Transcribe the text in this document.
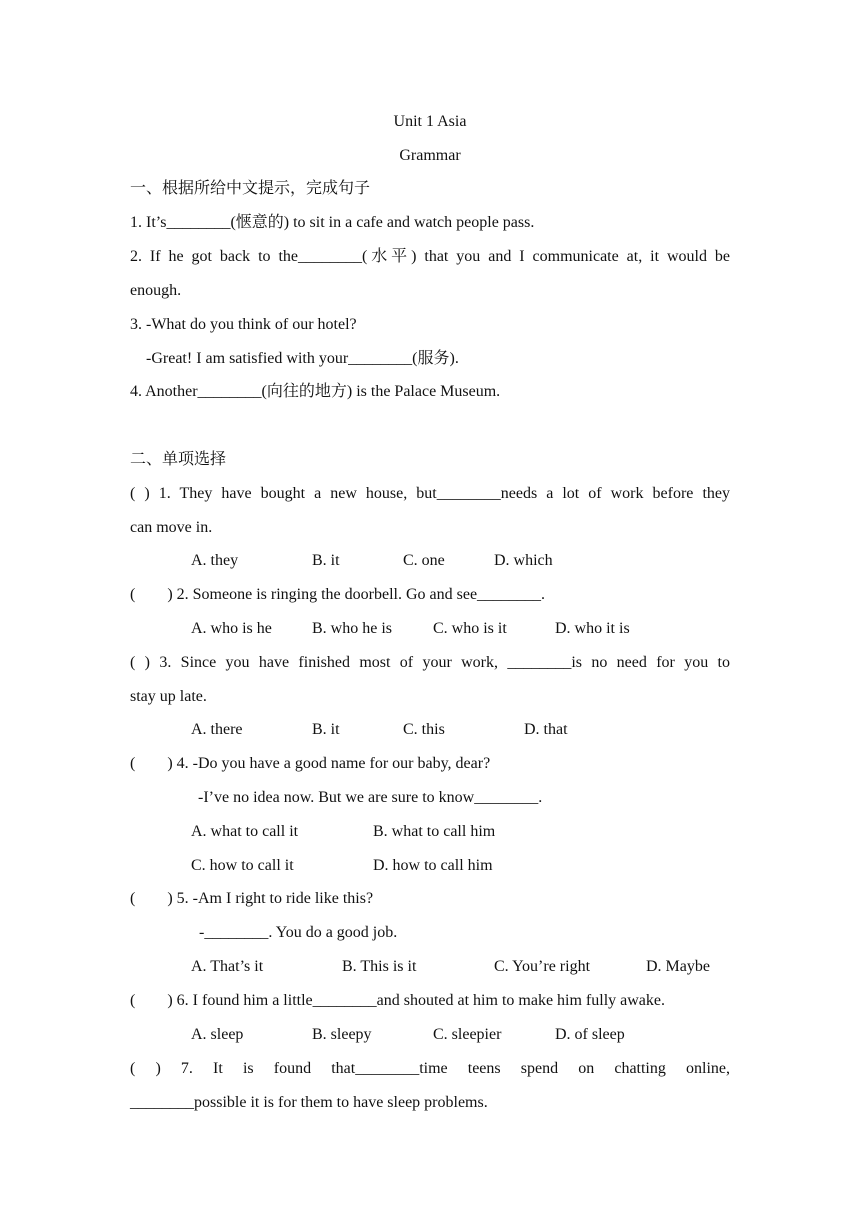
Unit 1 Asia
Grammar
一、根据所给中文提示，完成句子
1. It’s________(惬意的) to sit in a cafe and watch people pass.
2. If he got back to the________(水平) that you and I communicate at, it would be
enough.
3. -What do you think of our hotel?
-Great! I am satisfied with your________(服务).
4. Another________(向往的地方) is the Palace Museum.
二、单项选择
( ) 1. They have bought a new house, but________needs a lot of work before they
can move in.
A. they	B. it	C. one	D. which
(        ) 2. Someone is ringing the doorbell. Go and see________.
A. who is he	B. who he is	C. who is it	D. who it is
( ) 3. Since you have finished most of your work, ________is no need for you to
stay up late.
A. there	B. it	C. this	D. that
(        ) 4. -Do you have a good name for our baby, dear?
-I’ve no idea now. But we are sure to know________.
A. what to call it	B. what to call him
C. how to call it	D. how to call him
(        ) 5. -Am I right to ride like this?
-________. You do a good job.
A. That’s it	B. This is it	C. You’re right	D. Maybe
(        ) 6. I found him a little________and shouted at him to make him fully awake.
A. sleep	B. sleepy	C. sleepier	D. of sleep
( ) 7. It is found that________time teens spend on chatting online,
________possible it is for them to have sleep problems.
